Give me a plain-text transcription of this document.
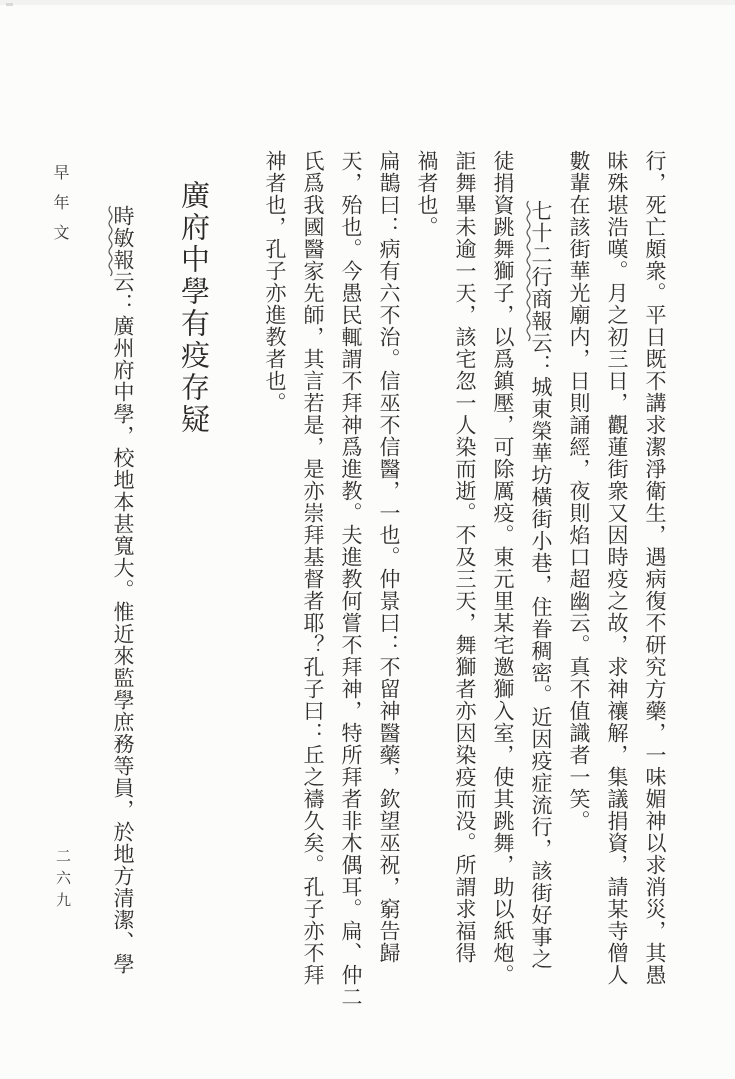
早年文
二六九	行，死亡頗衆。平日既不講求潔淨衛生，遇病復不研究方藥，一味媚神以求消災，其愚
昧殊堪浩嘆。月之初三日，觀蓮街衆又因時疫之故，求神禳解，集議捐資，請某寺僧人
數輩在該街華光廟内，日則誦經，夜則焰口超幽云。真不值識者一笑。
七十二行商報云：城東榮華坊橫街小巷，住眷稠密。近因疫症流行，該街好事之
徒捐資跳舞獅子，以爲鎮壓，可除厲疫。東元里某宅邀獅入室，使其跳舞，助以紙炮。
詎舞畢未逾一天，該宅忽一人染而逝。不及三天，舞獅者亦因染疫而没。所謂求福得
禍者也。
扁鵲曰：病有六不治。信巫不信醫，一也。仲景曰：不留神醫藥，欽望巫祝，窮告歸
天，殆也。今愚民輒謂不拜神爲進教。夫進教何嘗不拜神，特所拜者非木偶耳。扁、仲二
氏爲我國醫家先師，其言若是，是亦崇拜基督者耶？孔子曰：丘之禱久矣。孔子亦不拜
神者也，孔子亦進教者也。
廣府中學有疫存疑
時敏報云：廣州府中學，校地本甚寬大。惟近來監學庶務等員，於地方清潔、學
